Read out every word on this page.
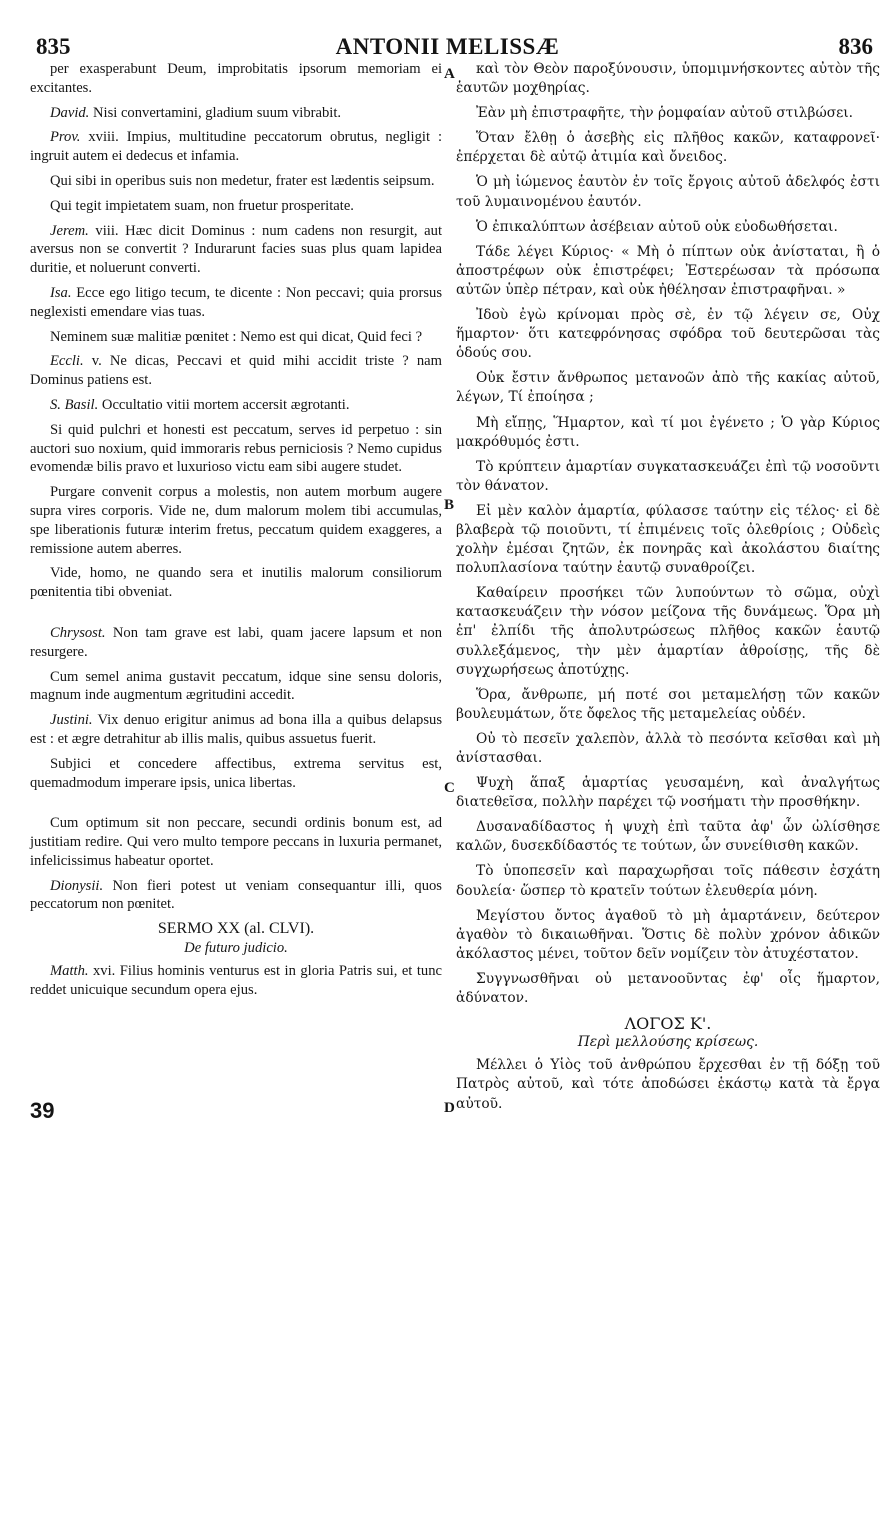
835	ANTONII MELISSÆ	836

per exasperabunt Deum, improbitatis ipsorum memoriam ei excitantes.

David. Nisi convertamini, gladium suum vibrabit.

Prov. xviii. Impius, multitudine peccatorum obrutus, negligit : ingruit autem ei dedecus et infamia.

Qui sibi in operibus suis non medetur, frater est lædentis seipsum.

Qui tegit impietatem suam, non fruetur prosperitate.

Jerem. viii. Hæc dicit Dominus : num cadens non resurgit, aut aversus non se convertit ? Indurarunt facies suas plus quam lapidea duritie, et noluerunt converti.

Isa. Ecce ego litigo tecum, te dicente : Non peccavi; quia prorsus neglexisti emendare vias tuas.

Neminem suæ malitiæ pœnitet : Nemo est qui dicat, Quid feci ?

Eccli. v. Ne dicas, Peccavi et quid mihi accidit triste ? nam Dominus patiens est.

S. Basil. Occultatio vitii mortem accersit ægrotanti.

Si quid pulchri et honesti est peccatum, serves id perpetuo : sin auctori suo noxium, quid immoraris rebus perniciosis ? Nemo cupidus evomendæ bilis pravo et luxurioso victu eam sibi augere studet.

Purgare convenit corpus a molestis, non autem morbum augere supra vires corporis. Vide ne, dum malorum molem tibi accumulas, spe liberationis futuræ interim fretus, peccatum quidem exaggeres, a remissione autem aberres.

Vide, homo, ne quando sera et inutilis malorum consiliorum pœnitentia tibi obveniat.

Chrysost. Non tam grave est labi, quam jacere lapsum et non resurgere.

Cum semel anima gustavit peccatum, idque sine sensu doloris, magnum inde augmentum ægritudini accedit.

Justini. Vix denuo erigitur animus ad bona illa a quibus delapsus est : et ægre detrahitur ab illis malis, quibus assuetus fuerit.

Subjici et concedere affectibus, extrema servitus est, quemadmodum imperare ipsis, unica libertas.

Cum optimum sit non peccare, secundi ordinis bonum est, ad justitiam redire. Qui vero multo tempore peccans in luxuria permanet, infelicissimus habeatur oportet.

Dionysii. Non fieri potest ut veniam consequantur illi, quos peccatorum non pœnitet.

SERMO XX (al. CLVI).

De futuro judicio.

Matth. xvi. Filius hominis venturus est in gloria Patris sui, et tunc reddet unicuique secundum opera ejus.

καὶ τὸν Θεὸν παροξύνουσιν, ὑπομιμνήσκοντες αὐτὸν τῆς ἑαυτῶν μοχθηρίας.

Ἐὰν μὴ ἐπιστραφῆτε, τὴν ῥομφαίαν αὐτοῦ στιλβώσει.

Ὅταν ἔλθῃ ὁ ἀσεβὴς εἰς πλῆθος κακῶν, καταφρονεῖ· ἐπέρχεται δὲ αὐτῷ ἀτιμία καὶ ὄνειδος.

Ὁ μὴ ἰώμενος ἑαυτὸν ἐν τοῖς ἔργοις αὐτοῦ ἀδελφός ἐστι τοῦ λυμαινομένου ἑαυτόν.

Ὁ ἐπικαλύπτων ἀσέβειαν αὐτοῦ οὐκ εὐοδωθήσεται.

Τάδε λέγει Κύριος· « Μὴ ὁ πίπτων οὐκ ἀνίσταται, ἢ ὁ ἀποστρέφων οὐκ ἐπιστρέφει; Ἐστερέωσαν τὰ πρόσωπα αὐτῶν ὑπὲρ πέτραν, καὶ οὐκ ἠθέλησαν ἐπιστραφῆναι. »

Ἰδοὺ ἐγὼ κρίνομαι πρὸς σὲ, ἐν τῷ λέγειν σε, Οὐχ ἥμαρτον· ὅτι κατεφρόνησας σφόδρα τοῦ δευτερῶσαι τὰς ὁδούς σου.

Οὐκ ἔστιν ἄνθρωπος μετανοῶν ἀπὸ τῆς κακίας αὐτοῦ, λέγων, Τί ἐποίησα ;

Μὴ εἴπῃς, Ἥμαρτον, καὶ τί μοι ἐγένετο ; Ὁ γὰρ Κύριος μακρόθυμός ἐστι.

Τὸ κρύπτειν ἁμαρτίαν συγκατασκευάζει ἐπὶ τῷ νοσοῦντι τὸν θάνατον.

Εἰ μὲν καλὸν ἁμαρτία, φύλασσε ταύτην εἰς τέλος· εἰ δὲ βλαβερὰ τῷ ποιοῦντι, τί ἐπιμένεις τοῖς ὀλεθρίοις ; Οὐδεὶς χολὴν ἐμέσαι ζητῶν, ἐκ πονηρᾶς καὶ ἀκολάστου διαίτης πολυπλασίονα ταύτην ἑαυτῷ συναθροίζει.

Καθαίρειν προσήκει τῶν λυπούντων τὸ σῶμα, οὐχὶ κατασκευάζειν τὴν νόσον μείζονα τῆς δυνάμεως. Ὅρα μὴ ἐπ' ἐλπίδι τῆς ἀπολυτρώσεως πλῆθος κακῶν ἑαυτῷ συλλεξάμενος, τὴν μὲν ἁμαρτίαν ἀθροίσῃς, τῆς δὲ συγχωρήσεως ἀποτύχῃς.

Ὅρα, ἄνθρωπε, μή ποτέ σοι μεταμελήσῃ τῶν κακῶν βουλευμάτων, ὅτε ὄφελος τῆς μεταμελείας οὐδέν.

Οὐ τὸ πεσεῖν χαλεπὸν, ἀλλὰ τὸ πεσόντα κεῖσθαι καὶ μὴ ἀνίστασθαι.

Ψυχὴ ἅπαξ ἁμαρτίας γευσαμένη, καὶ ἀναλγήτως διατεθεῖσα, πολλὴν παρέχει τῷ νοσήματι τὴν προσθήκην.

Δυσαναδίδαστος ἡ ψυχὴ ἐπὶ ταῦτα ἀφ' ὧν ὠλίσθησε καλῶν, δυσεκδίδαστός τε τούτων, ὧν συνείθισθη κακῶν.

Τὸ ὑποπεσεῖν καὶ παραχωρῆσαι τοῖς πάθεσιν ἐσχάτη δουλεία· ὥσπερ τὸ κρατεῖν τούτων ἐλευθερία μόνη.

Μεγίστου ὄντος ἀγαθοῦ τὸ μὴ ἁμαρτάνειν, δεύτερον ἀγαθὸν τὸ δικαιωθῆναι. Ὅστις δὲ πολὺν χρόνον ἀδικῶν ἀκόλαστος μένει, τοῦτον δεῖν νομίζειν τὸν ἀτυχέστατον.

Συγγνωσθῆναι οὐ μετανοοῦντας ἐφ' οἷς ἥμαρτον, ἀδύνατον.

ΛΟΓΟΣ Κ'.

Περὶ μελλούσης κρίσεως.

Μέλλει ὁ Υἱὸς τοῦ ἀνθρώπου ἔρχεσθαι ἐν τῇ δόξῃ τοῦ Πατρὸς αὐτοῦ, καὶ τότε ἀποδώσει ἑκάστῳ κατὰ τὰ ἔργα αὐτοῦ.

A
B
C
D
39
